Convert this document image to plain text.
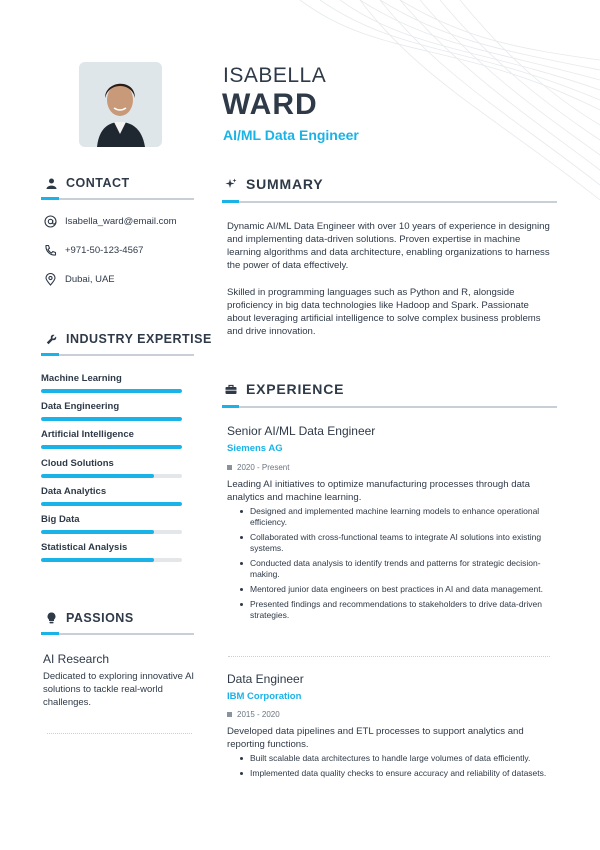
ISABELLA
WARD
AI/ML Data Engineer
CONTACT
Isabella_ward@email.com
+971-50-123-4567
Dubai, UAE
INDUSTRY EXPERTISE
Machine Learning
Data Engineering
Artificial Intelligence
Cloud Solutions
Data Analytics
Big Data
Statistical Analysis
PASSIONS
AI Research
Dedicated to exploring innovative AI solutions to tackle real-world challenges.
SUMMARY
Dynamic AI/ML Data Engineer with over 10 years of experience in designing and implementing data-driven solutions. Proven expertise in machine learning algorithms and data architecture, enabling organizations to harness the power of data effectively.
Skilled in programming languages such as Python and R, alongside proficiency in big data technologies like Hadoop and Spark. Passionate about leveraging artificial intelligence to solve complex business problems and drive innovation.
EXPERIENCE
Senior AI/ML Data Engineer
Siemens AG
2020 - Present
Leading AI initiatives to optimize manufacturing processes through data analytics and machine learning.
Designed and implemented machine learning models to enhance operational efficiency.
Collaborated with cross-functional teams to integrate AI solutions into existing systems.
Conducted data analysis to identify trends and patterns for strategic decision-making.
Mentored junior data engineers on best practices in AI and data management.
Presented findings and recommendations to stakeholders to drive data-driven strategies.
Data Engineer
IBM Corporation
2015 - 2020
Developed data pipelines and ETL processes to support analytics and reporting functions.
Built scalable data architectures to handle large volumes of data efficiently.
Implemented data quality checks to ensure accuracy and reliability of datasets.
